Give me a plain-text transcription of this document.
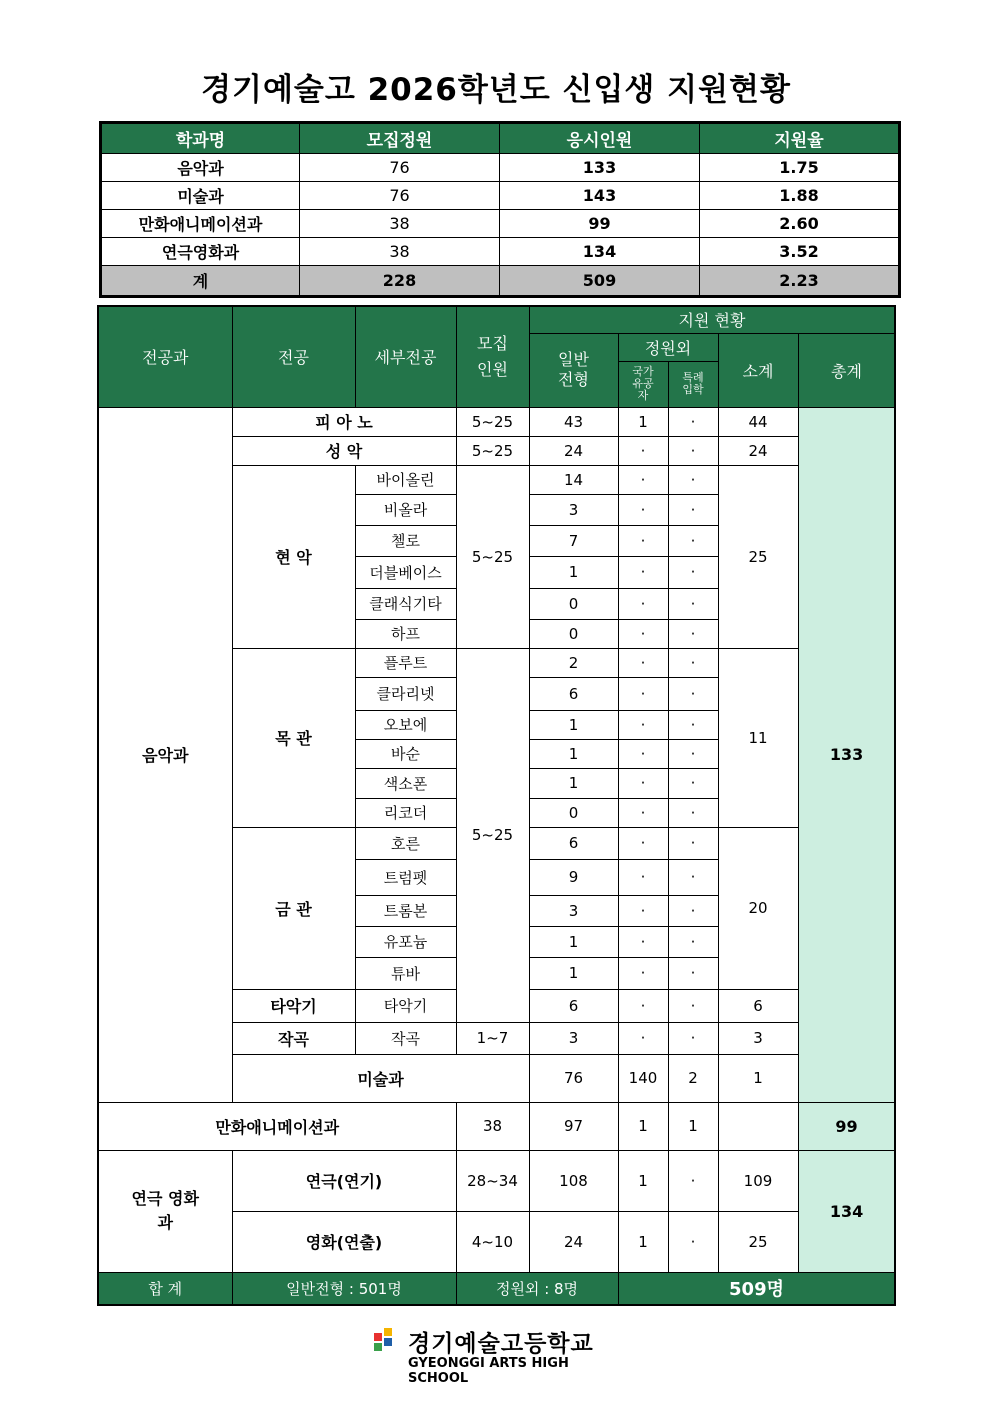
경기예술고 2026학년도 신입생 지원현황
학과명	모집정원	응시인원	지원율
음악과	76	133	1.75
미술과	76	143	1.88
만화애니메이션과	38	99	2.60
연극영화과	38	134	3.52
계	228	509	2.23
전공과	전공	세부전공	모집 인원	지원 현황					
				일반 전형	정원외		소계	총계	
					국가 유공 자	특례 입학			
음악과	피 아 노		5~25	43	1	·	44	133	
	성 악		5~25	24	·	·	24		
	현 악	바이올린	5~25	14	·	·	25		
		비올라		3	·	·			
		첼로		7	·	·			
		더블베이스		1	·	·			
		클래식기타		0	·	·			
		하프		0	·	·			
	목 관	플루트	5~25	2	·	·	11		
		클라리넷		6	·	·			
		오보에		1	·	·			
		바순		1	·	·			
		색소폰		1	·	·			
		리코더		0	·	·			
	금 관	호른		6	·	·	20		
		트럼펫		9	·	·			
		트롬본		3	·	·			
		유포늄		1	·	·			
		튜바		1	·	·			
	타악기	타악기		6	·	·	6		
	작곡	작곡	1~7	3	·	·	3		
	미술과			76	140	2	1		
만화애니메이션과			38	97	1	1		99	
연극 영화과	연극(연기)		28~34	108	1	·	109	134	
	영화(연출)		4~10	24	1	·	25		
합 계	일반전형 : 501명		정원외 : 8명		509명				
경기예술고등학교
GYEONGGI ARTS HIGH SCHOOL
